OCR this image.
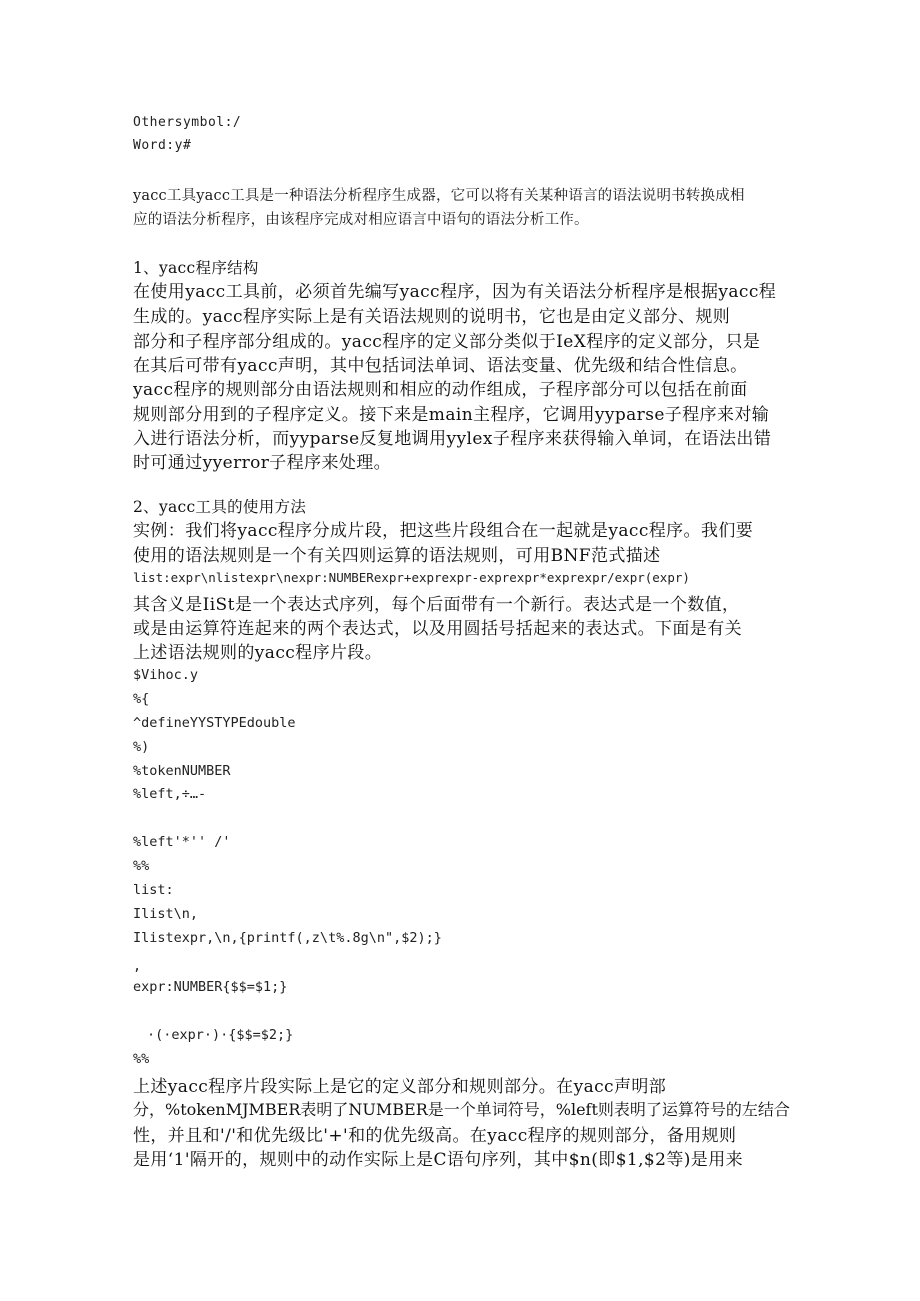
Othersymbol:/

Word:y#

yacc工具yacc工具是一种语法分析程序生成器，它可以将有关某种语言的语法说明书转换成相

应的语法分析程序，由该程序完成对相应语言中语句的语法分析工作。

1、yacc程序结构

在使用yacc工具前，必须首先编写yacc程序，因为有关语法分析程序是根据yacc程

生成的。yacc程序实际上是有关语法规则的说明书，它也是由定义部分、规则

部分和子程序部分组成的。yacc程序的定义部分类似于IeX程序的定义部分，只是

在其后可带有yacc声明，其中包括词法单词、语法变量、优先级和结合性信息。

yacc程序的规则部分由语法规则和相应的动作组成，子程序部分可以包括在前面

规则部分用到的子程序定义。接下来是main主程序，它调用yyparse子程序来对输

入进行语法分析，而yyparse反复地调用yylex子程序来获得输入单词，在语法出错

时可通过yyerror子程序来处理。

2、yacc工具的使用方法

实例：我们将yacc程序分成片段，把这些片段组合在一起就是yacc程序。我们要

使用的语法规则是一个有关四则运算的语法规则，可用BNF范式描述

list:expr\nlistexpr\nexpr:NUMBERexpr+exprexpr-exprexpr*exprexpr/expr(expr)

其含义是IiSt是一个表达式序列，每个后面带有一个新行。表达式是一个数值，

或是由运算符连起来的两个表达式，以及用圆括号括起来的表达式。下面是有关

上述语法规则的yacc程序片段。

$Vihoc.y

%{

^defineYYSTYPEdouble

%)

%tokenNUMBER

%left,÷…-

%left'*'' /'

%%

list:

Ilist\n,

Ilistexpr,\n,{printf(,z\t%.8g\n",$2);}

,

expr:NUMBER{$$=$1;}

·(·expr·)·{$$=$2;}

%%

上述yacc程序片段实际上是它的定义部分和规则部分。在yacc声明部

分，%tokenMJMBER表明了NUMBER是一个单词符号，%left则表明了运算符号的左结合

性，并且和'/'和优先级比'+'和的优先级高。在yacc程序的规则部分，备用规则

是用‘1'隔开的，规则中的动作实际上是C语句序列，其中$n(即$1,$2等)是用来
